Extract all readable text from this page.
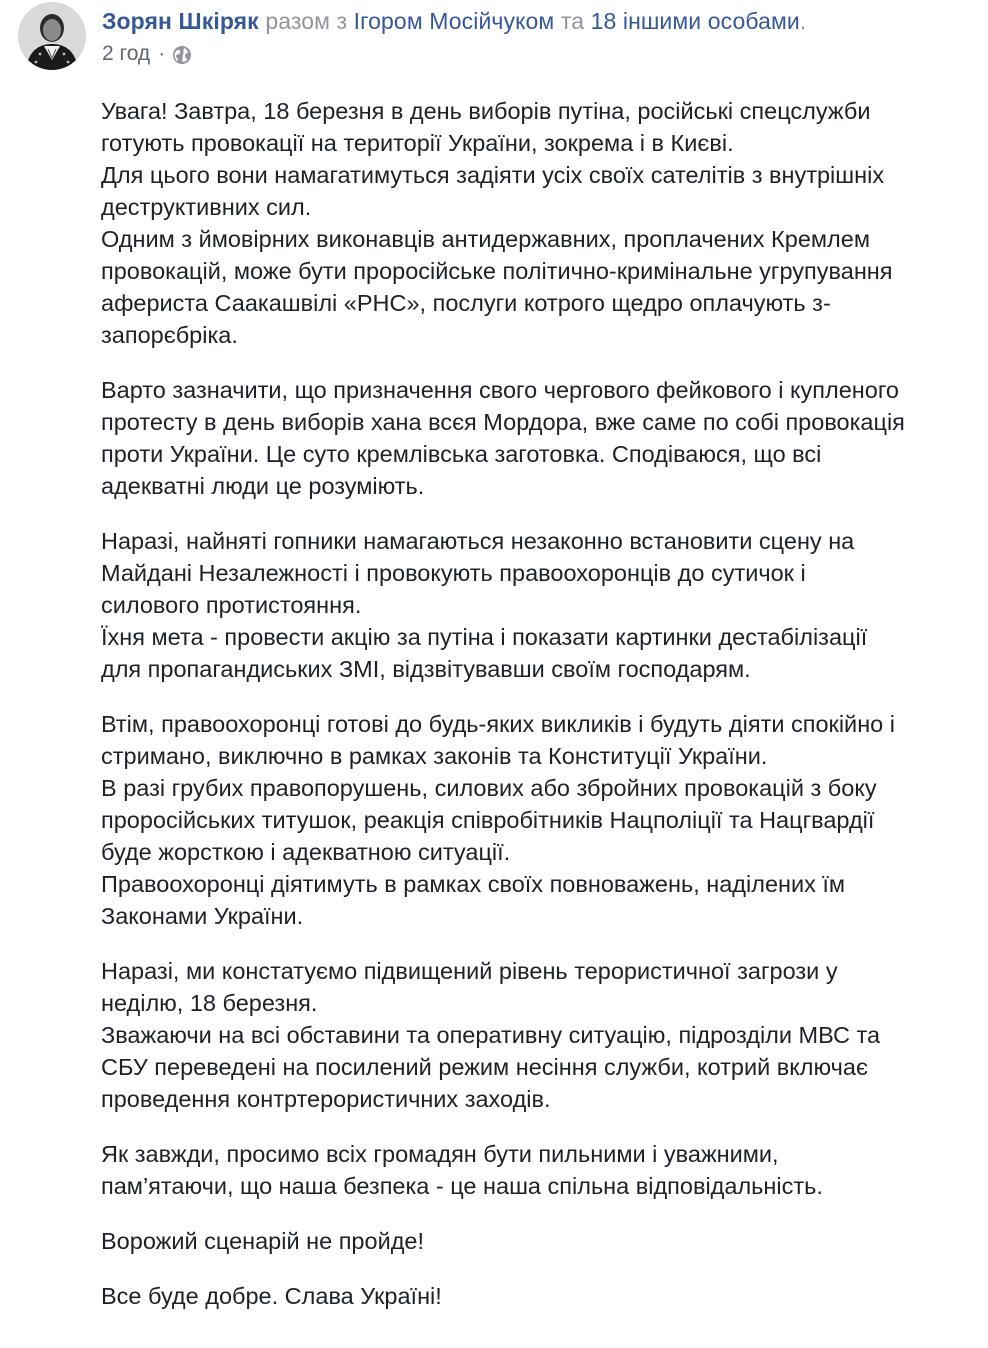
Зорян Шкіряк разом з Ігором Мосійчуком та 18 іншими особами.
2 год ·

Увага! Завтра, 18 березня в день виборів путіна, російські спецслужби
готують провокації на території України, зокрема і в Києві.
Для цього вони намагатимуться задіяти усіх своїх сателітів з внутрішніх
деструктивних сил.
Одним з ймовірних виконавців антидержавних, проплачених Кремлем
провокацій, може бути проросійське політично-кримінальне угрупування
афериста Саакашвілі «РНС», послуги котрого щедро оплачують з-
запорєбріка.

Варто зазначити, що призначення свого чергового фейкового і купленого
протесту в день виборів хана всєя Мордора, вже саме по собі провокація
проти України. Це суто кремлівська заготовка. Сподіваюся, що всі
адекватні люди це розуміють.

Наразі, найняті гопники намагаються незаконно встановити сцену на
Майдані Незалежності і провокують правоохоронців до сутичок і
силового протистояння.
Їхня мета - провести акцію за путіна і показати картинки дестабілізації
для пропагандиських ЗМІ, відзвітувавши своїм господарям.

Втім, правоохоронці готові до будь-яких викликів і будуть діяти спокійно і
стримано, виключно в рамках законів та Конституції України.
В разі грубих правопорушень, силових або збройних провокацій з боку
проросійських титушок, реакція співробітників Нацполіції та Нацгвардії
буде жорсткою і адекватною ситуації.
Правоохоронці діятимуть в рамках своїх повноважень, наділених їм
Законами України.

Наразі, ми констатуємо підвищений рівень терористичної загрози у
неділю, 18 березня.
Зважаючи на всі обставини та оперативну ситуацію, підрозділи МВС та
СБУ переведені на посилений режим несіння служби, котрий включає
проведення контртерористичних заходів.

Як завжди, просимо всіх громадян бути пильними і уважними,
пам’ятаючи, що наша безпека - це наша спільна відповідальність.

Ворожий сценарій не пройде!

Все буде добре. Слава Україні!
